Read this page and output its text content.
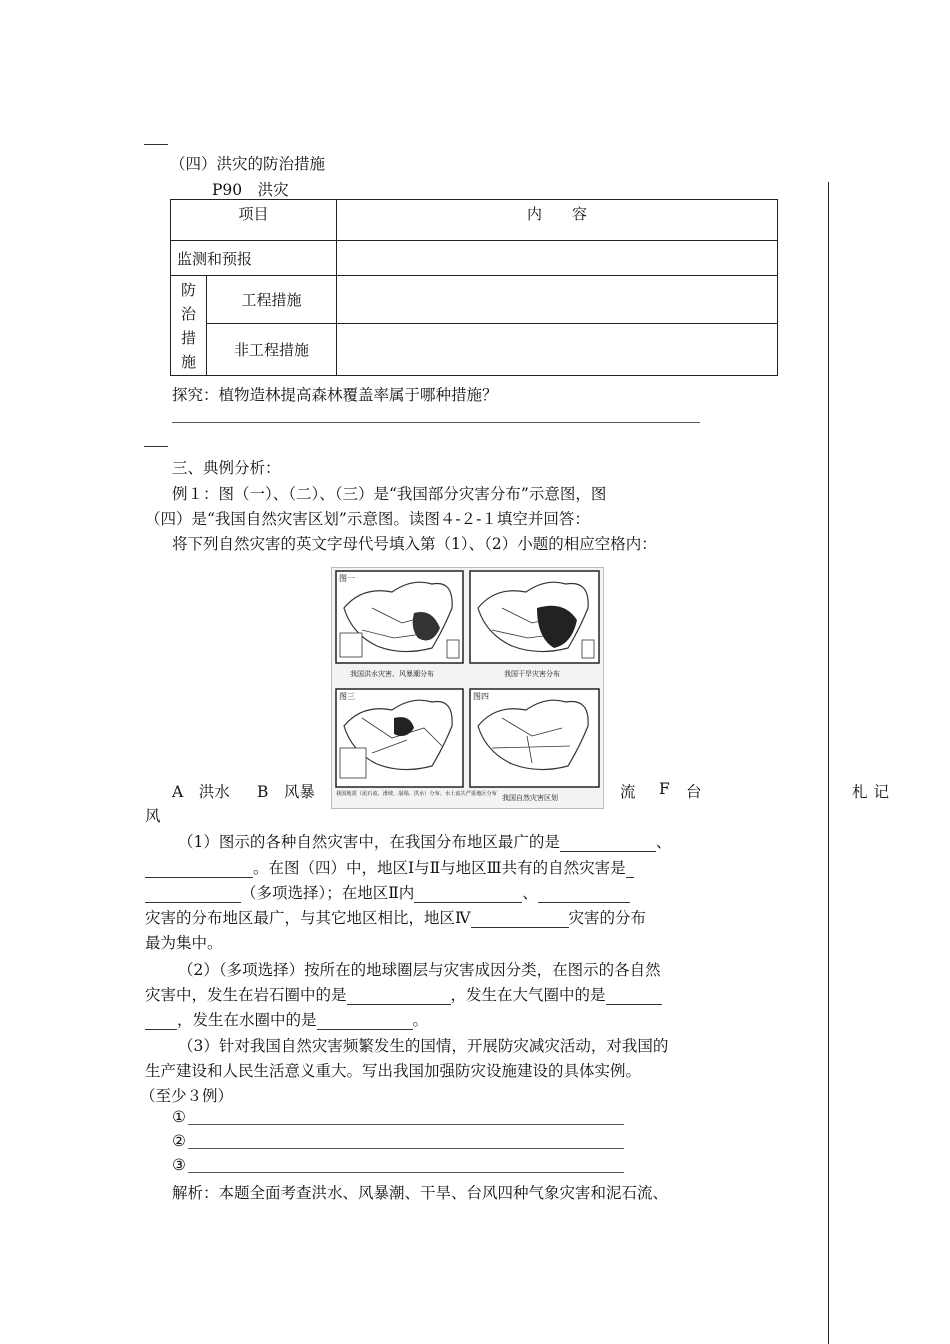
（四）洪灾的防治措施
P90　洪灾
项目		内　　容
监测和预报		

防
治
措
施	工程措施	
	非工程措施	
探究：植物造林提高森林覆盖率属于哪种措施？
三、典例分析：
例１：图（一）、（二）、（三）是“我国部分灾害分布”示意图，图
（四）是“我国自然灾害区划”示意图。读图４-２-１填空并回答：
将下列自然灾害的英文字母代号填入第（1）、（2）小题的相应空格内：
图一
图三	图四
我国洪水灾害、风暴潮分布	我国干旱灾害分布
我国地震（泥石流、滑坡、崩塌、洪水）分布、水土流失严重地区分布 我国自然灾害区划
A　洪水 B　风暴	流 F 台	札记
风
（1）图示的各种自然灾害中，在我国分布地区最广的是	、
。在图（四）中，地区Ⅰ与Ⅱ与地区Ⅲ共有的自然灾害是
（多项选择）；在地区Ⅱ内	、
灾害的分布地区最广，与其它地区相比，地区Ⅳ	灾害的分布
最为集中。
（2）（多项选择）按所在的地球圈层与灾害成因分类，在图示的各自然
灾害中，发生在岩石圈中的是	，发生在大气圈中的是
，发生在水圈中的是	。
（3）针对我国自然灾害频繁发生的国情，开展防灾减灾活动，对我国的
生产建设和人民生活意义重大。写出我国加强防灾设施建设的具体实例。
（至少３例）
①
②
③
解析：本题全面考查洪水、风暴潮、干旱、台风四种气象灾害和泥石流、
